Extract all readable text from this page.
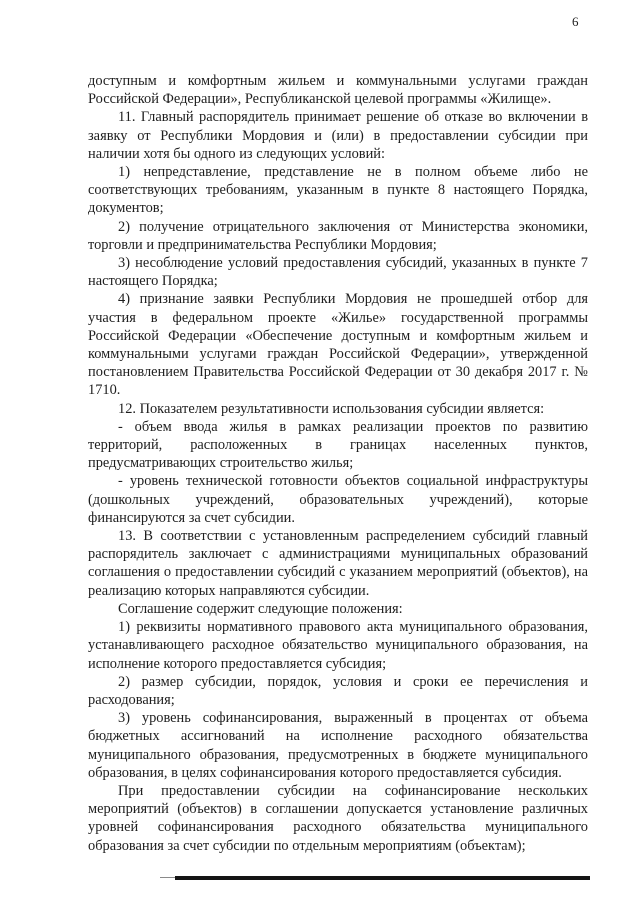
6

доступным и комфортным жильем и коммунальными услугами граждан Российской Федерации», Республиканской целевой программы «Жилище».

11. Главный распорядитель принимает решение об отказе во включении в заявку от Республики Мордовия и (или) в предоставлении субсидии при наличии хотя бы одного из следующих условий:

1) непредставление, представление не в полном объеме либо не соответствующих требованиям, указанным в пункте 8 настоящего Порядка, документов;

2) получение отрицательного заключения от Министерства экономики, торговли и предпринимательства Республики Мордовия;

3) несоблюдение условий предоставления субсидий, указанных в пункте 7 настоящего Порядка;

4) признание заявки Республики Мордовия не прошедшей отбор для участия в федеральном проекте «Жилье» государственной программы Российской Федерации «Обеспечение доступным и комфортным жильем и коммунальными услугами граждан Российской Федерации», утвержденной постановлением Правительства Российской Федерации от 30 декабря 2017 г. № 1710.

12. Показателем результативности использования субсидии является:

- объем ввода жилья в рамках реализации проектов по развитию территорий, расположенных в границах населенных пунктов, предусматривающих строительство жилья;

- уровень технической готовности объектов социальной инфраструктуры (дошкольных учреждений, образовательных учреждений), которые финансируются за счет субсидии.

13. В соответствии с установленным распределением субсидий главный распорядитель заключает с администрациями муниципальных образований соглашения о предоставлении субсидий с указанием мероприятий (объектов), на реализацию которых направляются субсидии.

Соглашение содержит следующие положения:

1) реквизиты нормативного правового акта муниципального образования, устанавливающего расходное обязательство муниципального образования, на исполнение которого предоставляется субсидия;

2) размер субсидии, порядок, условия и сроки ее перечисления и расходования;

3) уровень софинансирования, выраженный в процентах от объема бюджетных ассигнований на исполнение расходного обязательства муниципального образования, предусмотренных в бюджете муниципального образования, в целях софинансирования которого предоставляется субсидия.

При предоставлении субсидии на софинансирование нескольких мероприятий (объектов) в соглашении допускается установление различных уровней софинансирования расходного обязательства муниципального образования за счет субсидии по отдельным мероприятиям (объектам);
